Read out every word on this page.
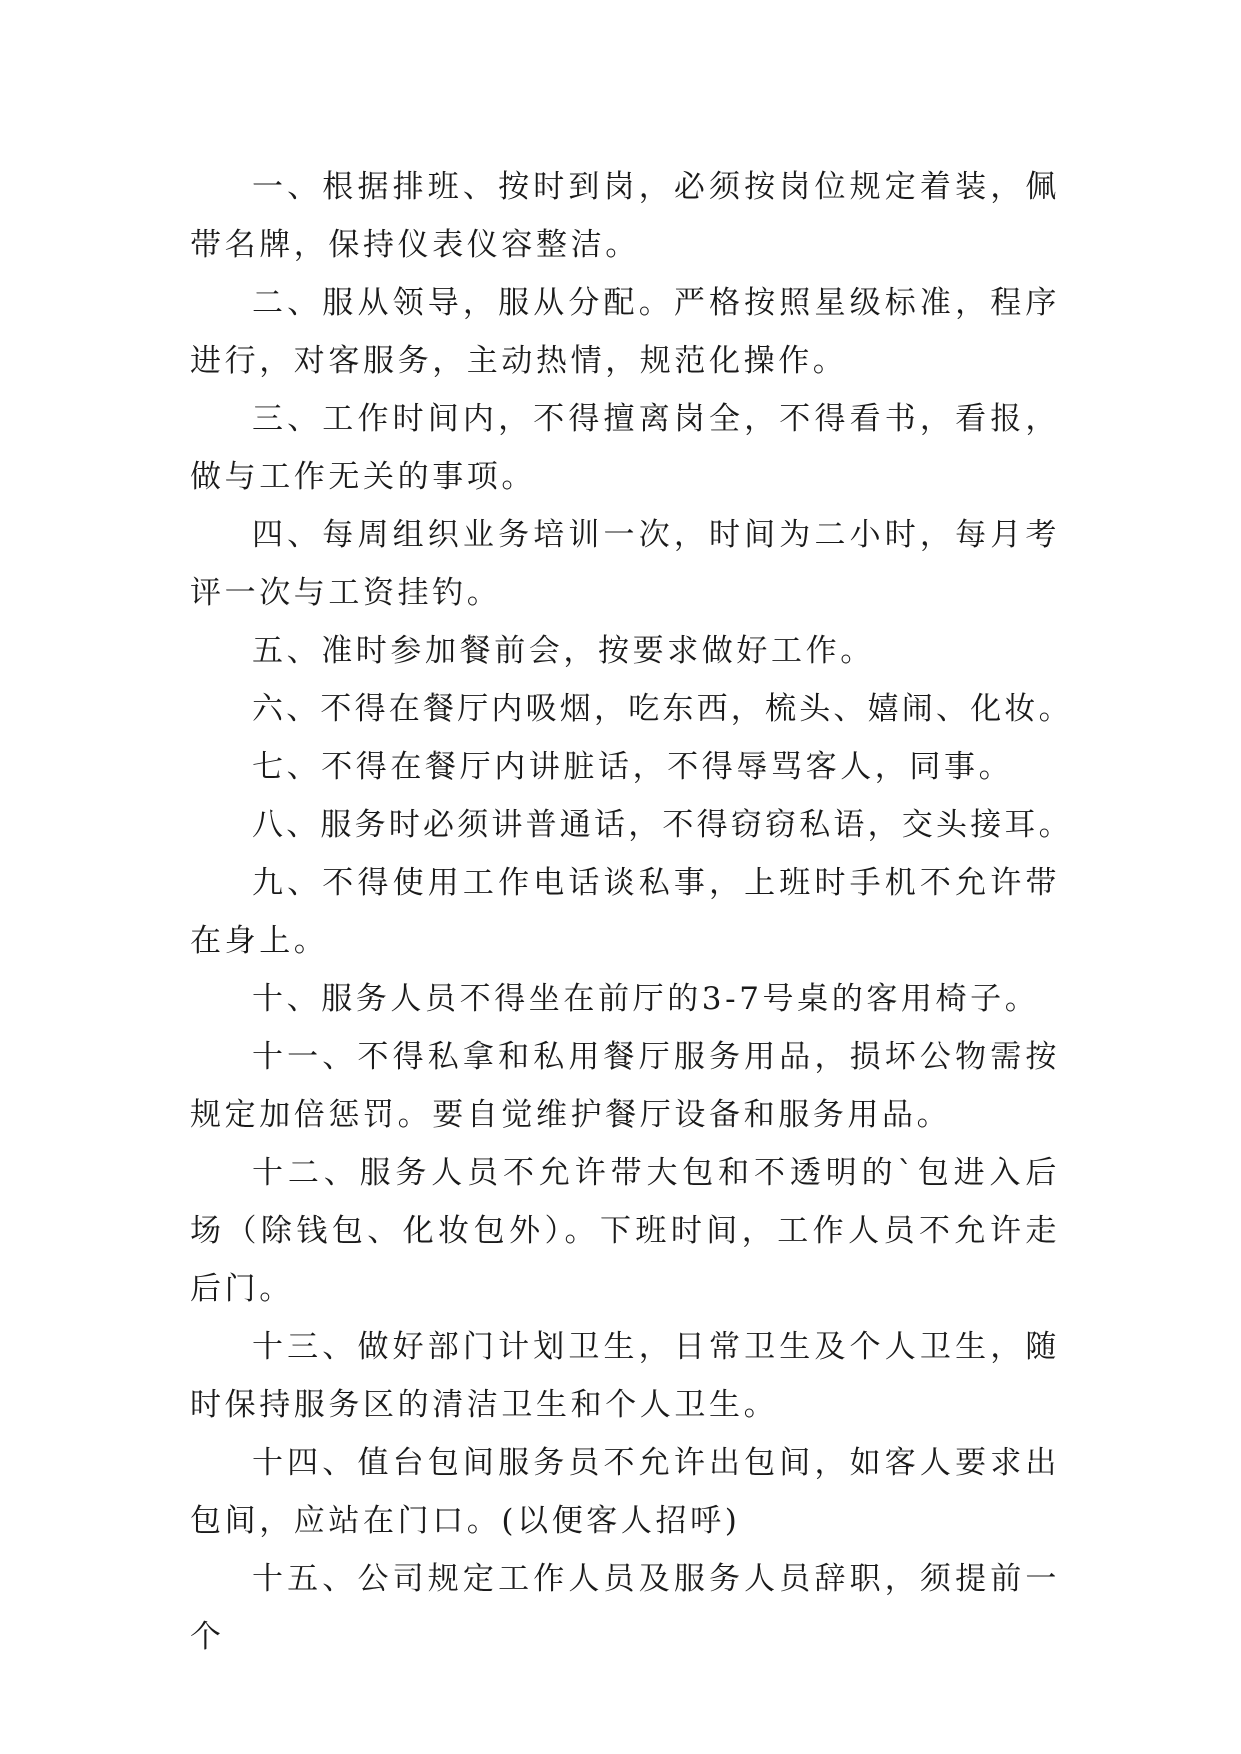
一、根据排班、按时到岗，必须按岗位规定着装，佩带名牌，保持仪表仪容整洁。

二、服从领导，服从分配。严格按照星级标准，程序进行，对客服务，主动热情，规范化操作。

三、工作时间内，不得擅离岗全，不得看书，看报，做与工作无关的事项。

四、每周组织业务培训一次，时间为二小时，每月考评一次与工资挂钓。

五、准时参加餐前会，按要求做好工作。

六、不得在餐厅内吸烟，吃东西，梳头、嬉闹、化妆。

七、不得在餐厅内讲脏话，不得辱骂客人，同事。

八、服务时必须讲普通话，不得窃窃私语，交头接耳。

九、不得使用工作电话谈私事，上班时手机不允许带在身上。

十、服务人员不得坐在前厅的3-7号桌的客用椅子。

十一、不得私拿和私用餐厅服务用品，损坏公物需按规定加倍惩罚。要自觉维护餐厅设备和服务用品。

十二、服务人员不允许带大包和不透明的`包进入后场（除钱包、化妆包外）。下班时间，工作人员不允许走后门。

十三、做好部门计划卫生，日常卫生及个人卫生，随时保持服务区的清洁卫生和个人卫生。

十四、值台包间服务员不允许出包间，如客人要求出包间，应站在门口。(以便客人招呼)

十五、公司规定工作人员及服务人员辞职，须提前一个
